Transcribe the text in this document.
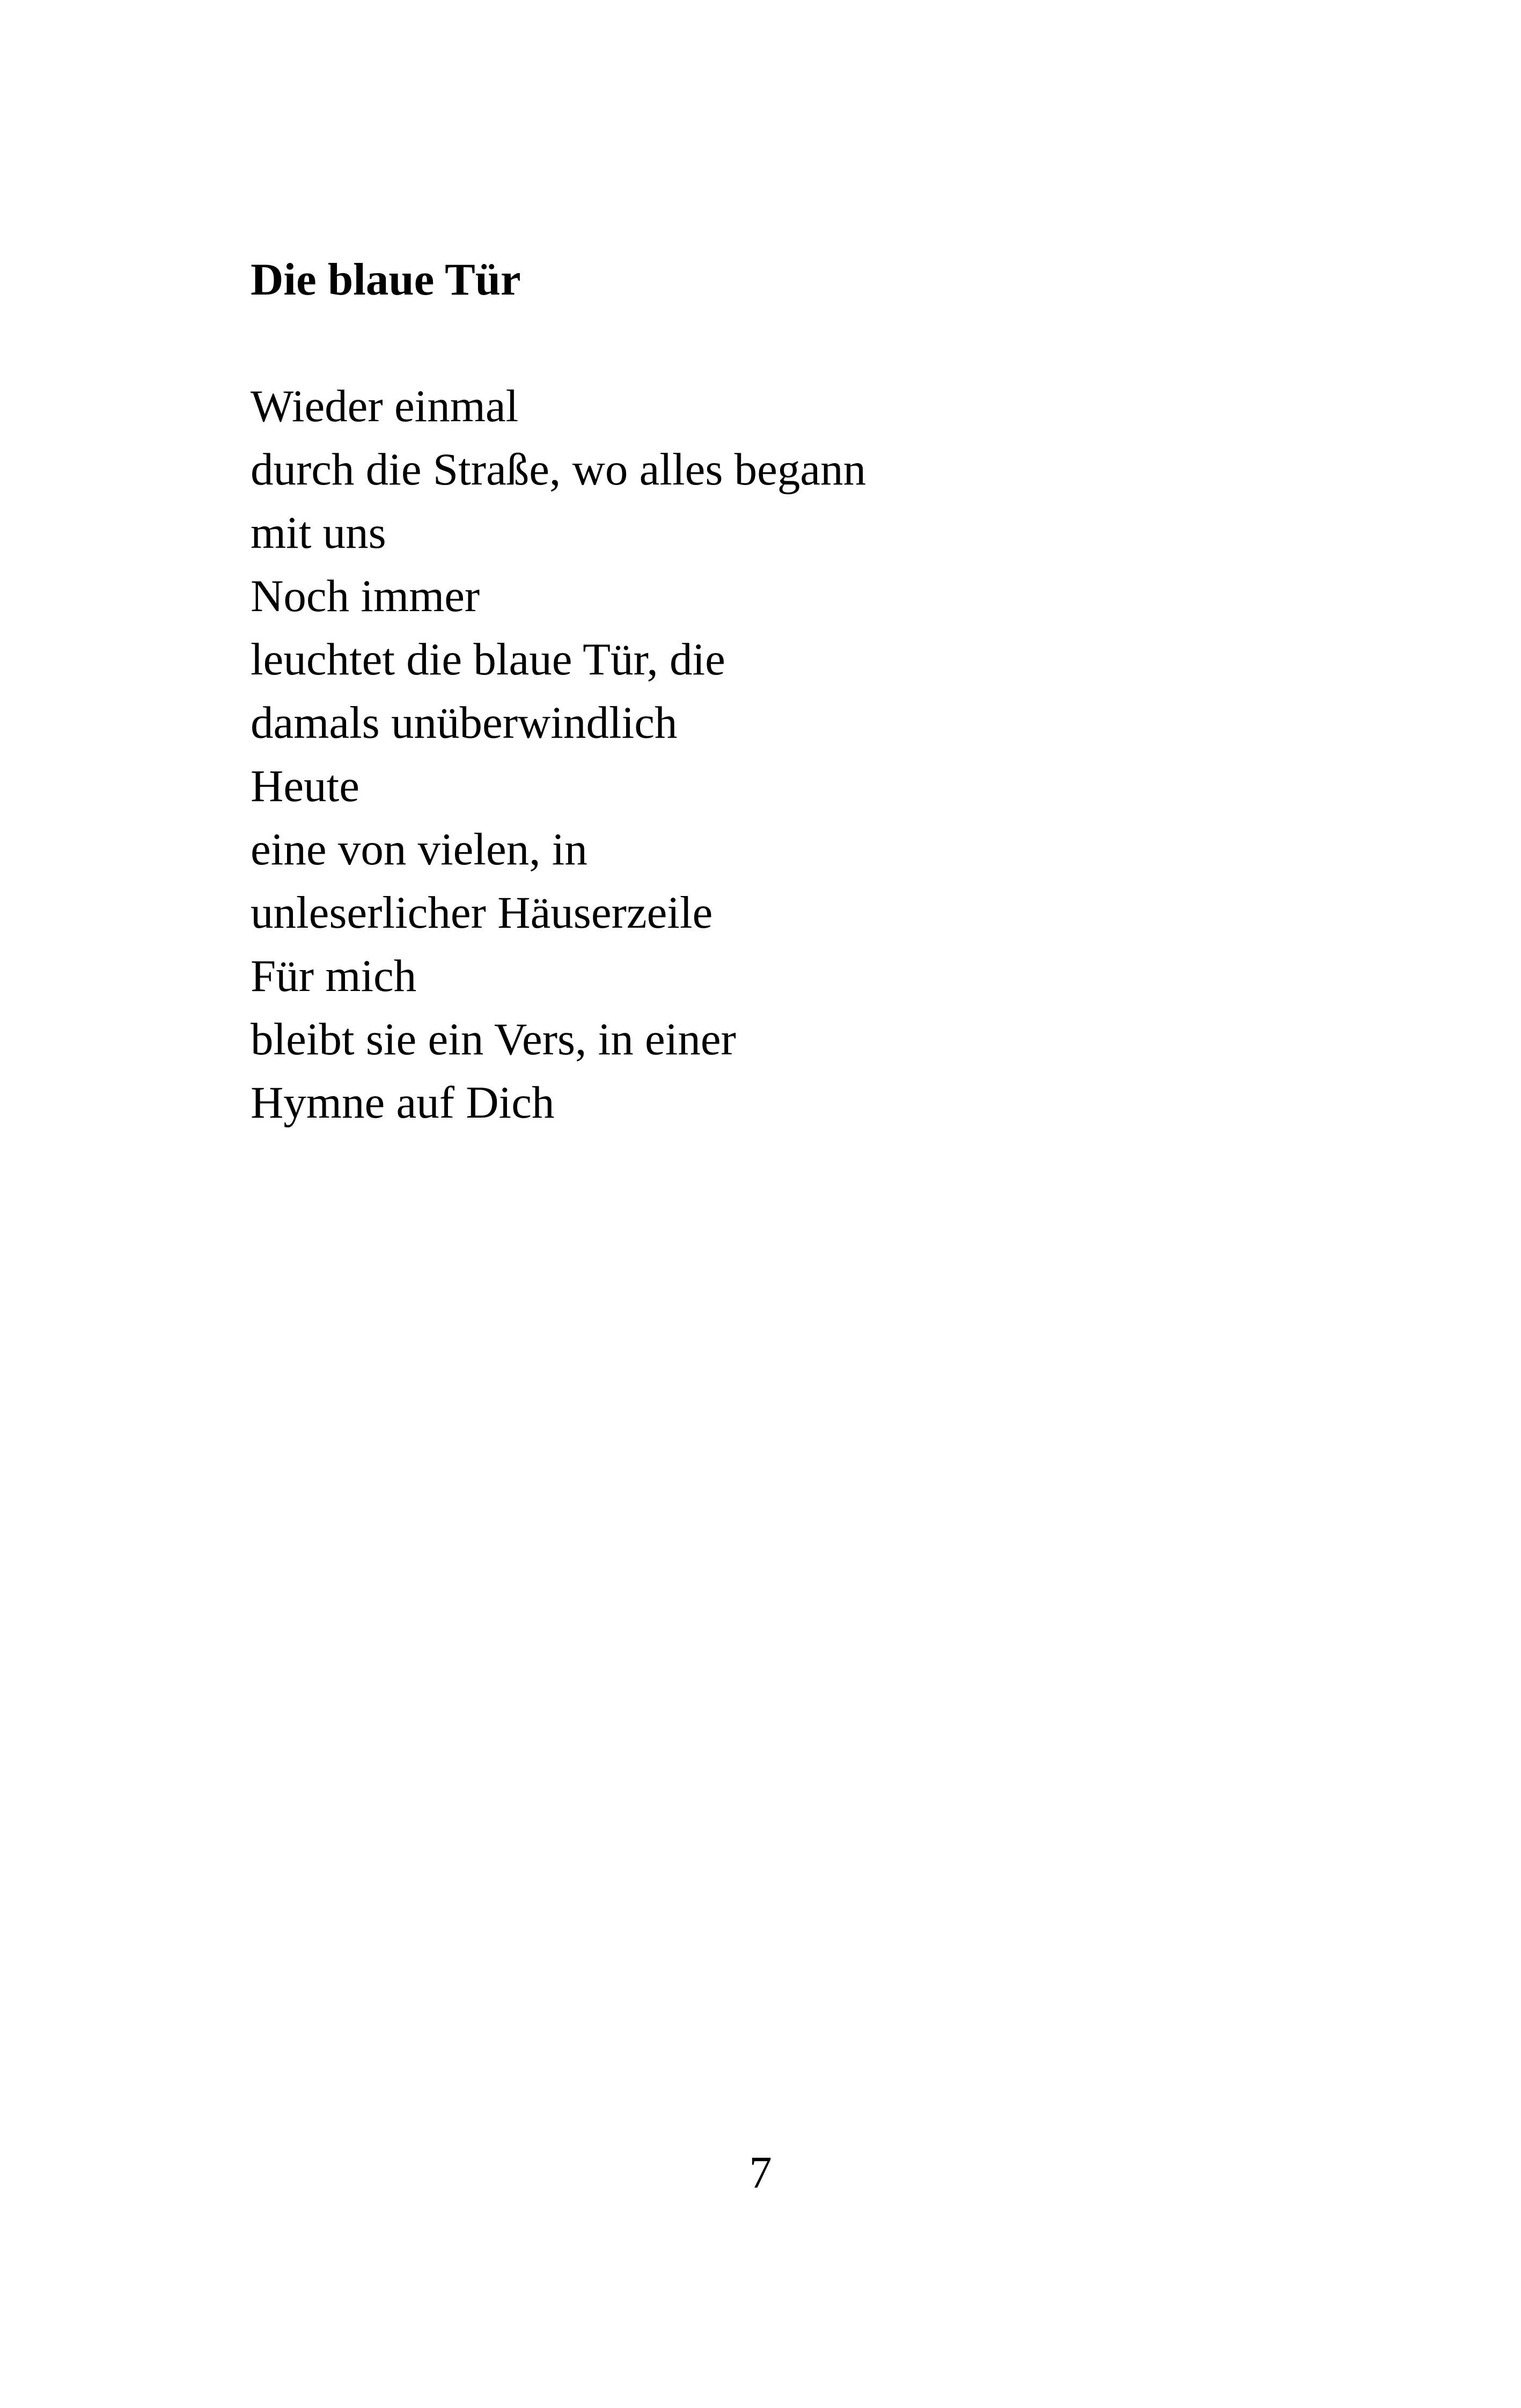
Die blaue Tür
Wieder einmal
durch die Straße, wo alles begann
mit uns
Noch immer
leuchtet die blaue Tür, die
damals unüberwindlich
Heute
eine von vielen, in
unleserlicher Häuserzeile
Für mich
bleibt sie ein Vers, in einer
Hymne auf Dich
7
